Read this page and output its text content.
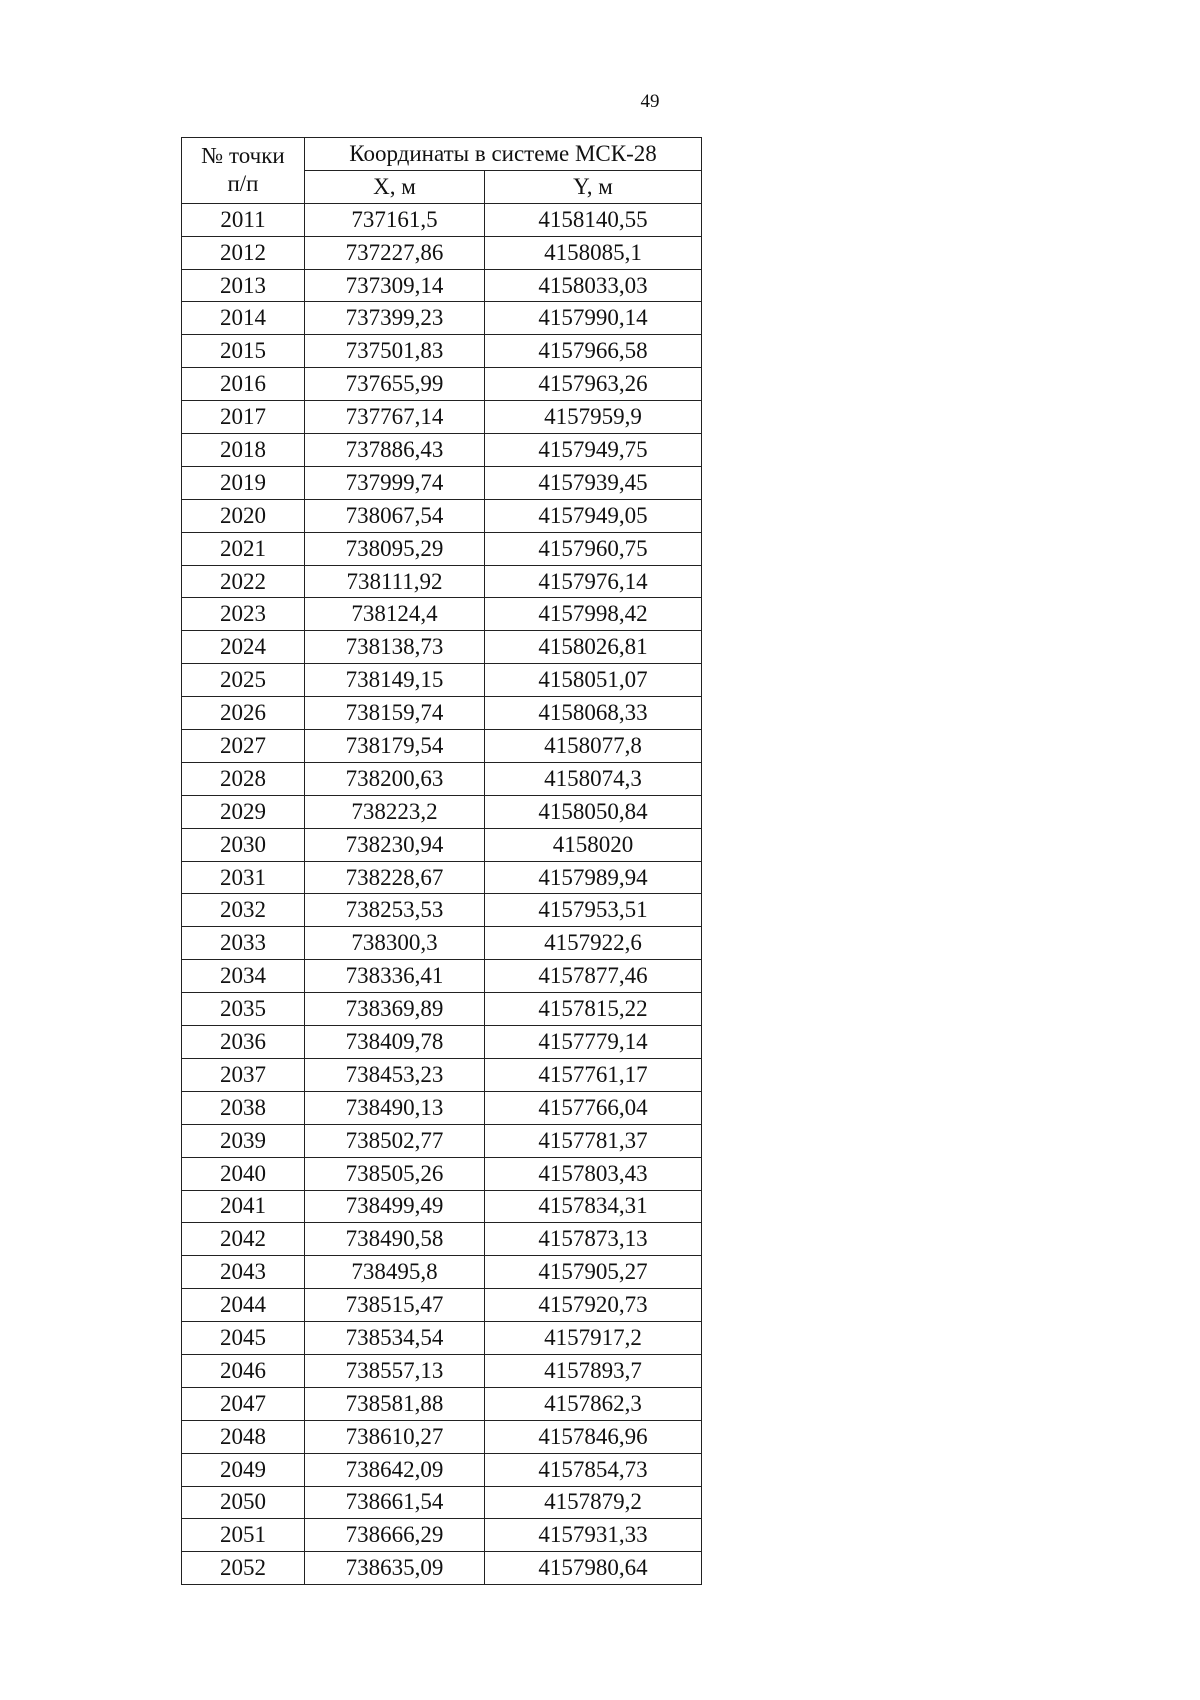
49
№ точки
п/п	Координаты в системе МСК-28	
	X, м	Y, м
2011	737161,5	4158140,55
2012	737227,86	4158085,1
2013	737309,14	4158033,03
2014	737399,23	4157990,14
2015	737501,83	4157966,58
2016	737655,99	4157963,26
2017	737767,14	4157959,9
2018	737886,43	4157949,75
2019	737999,74	4157939,45
2020	738067,54	4157949,05
2021	738095,29	4157960,75
2022	738111,92	4157976,14
2023	738124,4	4157998,42
2024	738138,73	4158026,81
2025	738149,15	4158051,07
2026	738159,74	4158068,33
2027	738179,54	4158077,8
2028	738200,63	4158074,3
2029	738223,2	4158050,84
2030	738230,94	4158020
2031	738228,67	4157989,94
2032	738253,53	4157953,51
2033	738300,3	4157922,6
2034	738336,41	4157877,46
2035	738369,89	4157815,22
2036	738409,78	4157779,14
2037	738453,23	4157761,17
2038	738490,13	4157766,04
2039	738502,77	4157781,37
2040	738505,26	4157803,43
2041	738499,49	4157834,31
2042	738490,58	4157873,13
2043	738495,8	4157905,27
2044	738515,47	4157920,73
2045	738534,54	4157917,2
2046	738557,13	4157893,7
2047	738581,88	4157862,3
2048	738610,27	4157846,96
2049	738642,09	4157854,73
2050	738661,54	4157879,2
2051	738666,29	4157931,33
2052	738635,09	4157980,64
